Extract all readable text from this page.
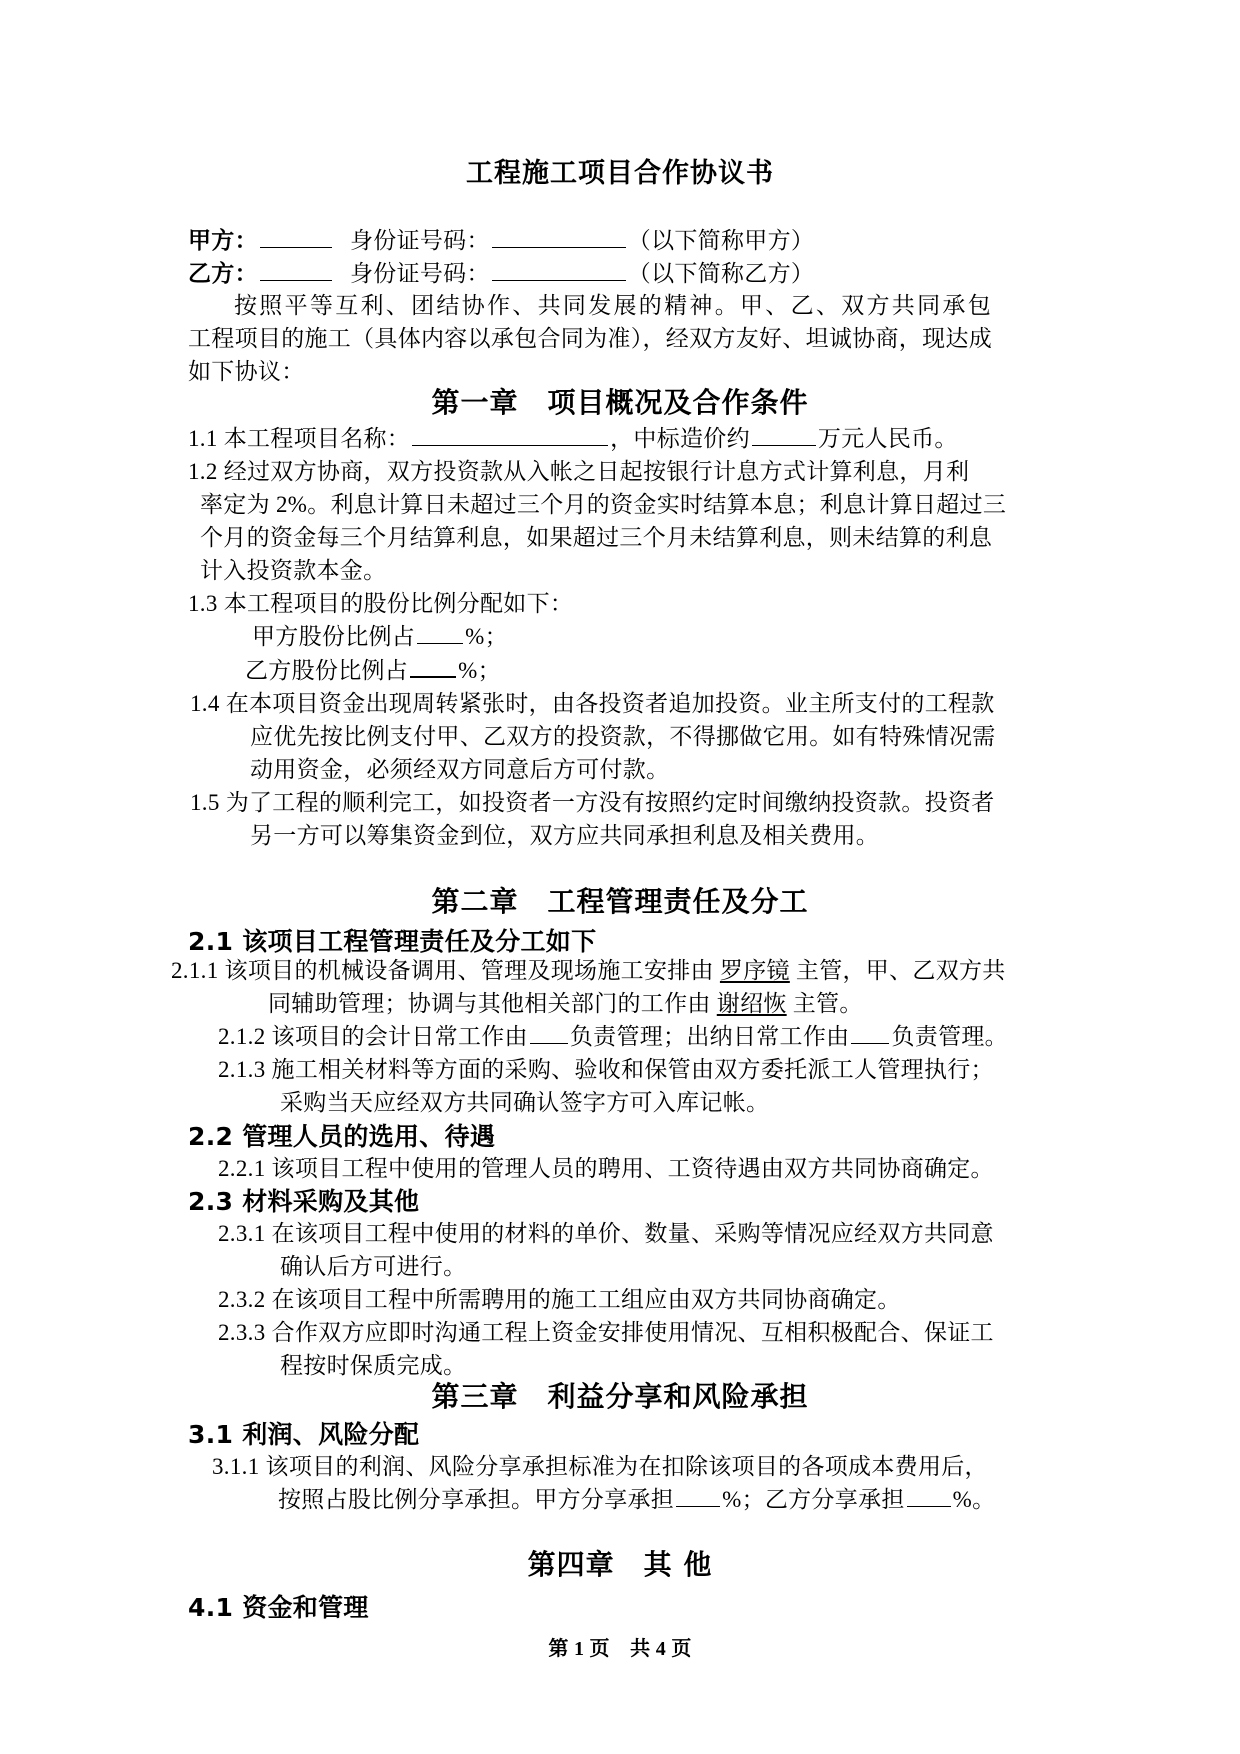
工程施工项目合作协议书
甲方：	身份证号码：	（以下简称甲方）
乙方：	身份证号码：	（以下简称乙方）
按照平等互利、团结协作、共同发展的精神。甲、乙、双方共同承包
工程项目的施工（具体内容以承包合同为准），经双方友好、坦诚协商，现达成
如下协议：
第一章　项目概况及合作条件
1.1 本工程项目名称：	，中标造价约	万元人民币。
1.2 经过双方协商，双方投资款从入帐之日起按银行计息方式计算利息，月利
率定为 2%。利息计算日未超过三个月的资金实时结算本息；利息计算日超过三
个月的资金每三个月结算利息，如果超过三个月未结算利息，则未结算的利息
计入投资款本金。
1.3 本工程项目的股份比例分配如下：
甲方股份比例占 %；
乙方股份比例占 %；
1.4 在本项目资金出现周转紧张时，由各投资者追加投资。业主所支付的工程款
应优先按比例支付甲、乙双方的投资款，不得挪做它用。如有特殊情况需
动用资金，必须经双方同意后方可付款。
1.5 为了工程的顺利完工，如投资者一方没有按照约定时间缴纳投资款。投资者
另一方可以筹集资金到位，双方应共同承担利息及相关费用。
第二章　工程管理责任及分工
2.1 该项目工程管理责任及分工如下
2.1.1 该项目的机械设备调用、管理及现场施工安排由 罗序镜 主管，甲、乙双方共
同辅助管理；协调与其他相关部门的工作由 谢绍恢 主管。
2.1.2 该项目的会计日常工作由 负责管理；出纳日常工作由 负责管理。
2.1.3 施工相关材料等方面的采购、验收和保管由双方委托派工人管理执行；
采购当天应经双方共同确认签字方可入库记帐。
2.2 管理人员的选用、待遇
2.2.1 该项目工程中使用的管理人员的聘用、工资待遇由双方共同协商确定。
2.3 材料采购及其他
2.3.1 在该项目工程中使用的材料的单价、数量、采购等情况应经双方共同意
确认后方可进行。
2.3.2 在该项目工程中所需聘用的施工工组应由双方共同协商确定。
2.3.3 合作双方应即时沟通工程上资金安排使用情况、互相积极配合、保证工
程按时保质完成。
第三章　利益分享和风险承担
3.1 利润、风险分配
3.1.1 该项目的利润、风险分享承担标准为在扣除该项目的各项成本费用后，
按照占股比例分享承担。甲方分享承担 %；乙方分享承担 %。
第四章　其 他
4.1 资金和管理
第 1 页　共 4 页
